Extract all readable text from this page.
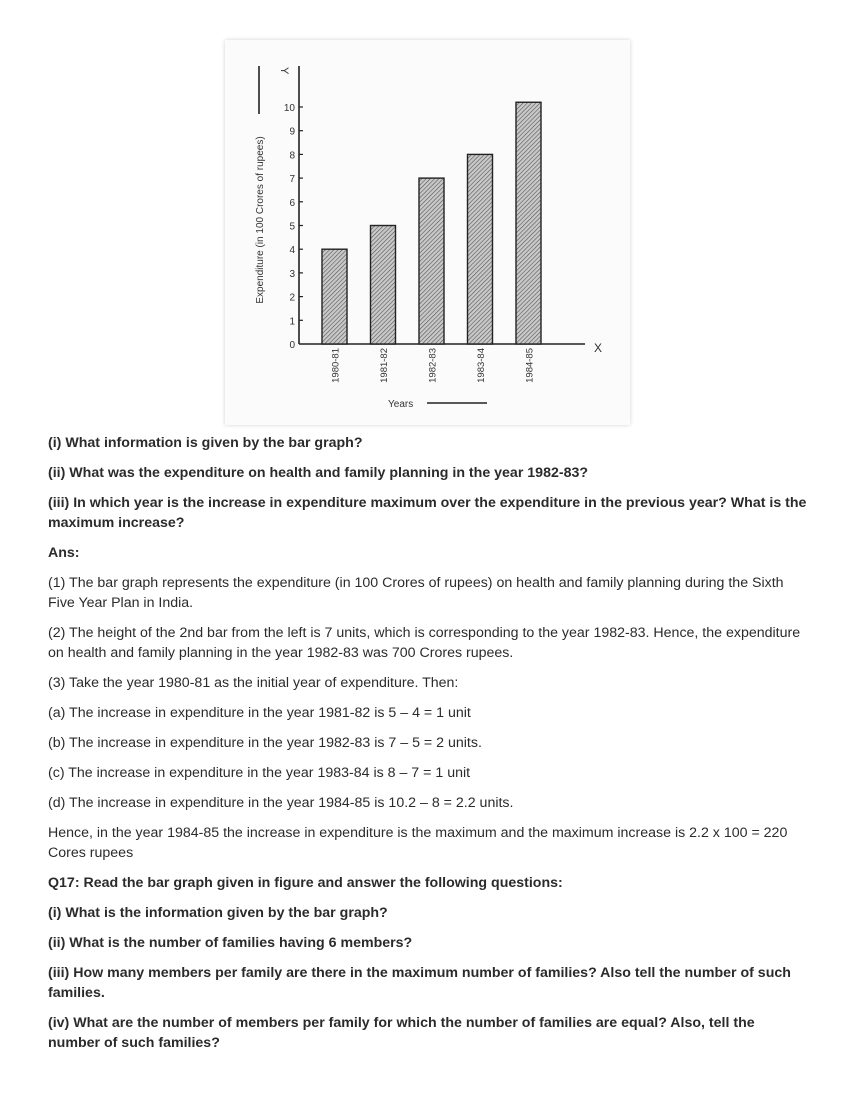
Y
X
Expenditure (in 100 Crores of rupees)
Years
0
1
2
3
4
5
6
7
8
9
10
1980-81	1981-82	1982-83	1983-84	1984-85

(i) What information is given by the bar graph?

(ii) What was the expenditure on health and family planning in the year 1982-83?

(iii) In which year is the increase in expenditure maximum over the expenditure in the previous year? What is the maximum increase?

Ans:

(1) The bar graph represents the expenditure (in 100 Crores of rupees) on health and family planning during the Sixth Five Year Plan in India.

(2) The height of the 2nd bar from the left is 7 units, which is corresponding to the year 1982-83. Hence, the expenditure on health and family planning in the year 1982-83 was 700 Crores rupees.

(3) Take the year 1980-81 as the initial year of expenditure. Then:

(a) The increase in expenditure in the year 1981-82 is 5 – 4 = 1 unit

(b) The increase in expenditure in the year 1982-83 is 7 – 5 = 2 units.

(c) The increase in expenditure in the year 1983-84 is 8 – 7 = 1 unit

(d) The increase in expenditure in the year 1984-85 is 10.2 – 8 = 2.2 units.

Hence, in the year 1984-85 the increase in expenditure is the maximum and the maximum increase is 2.2 x 100 = 220 Cores rupees

Q17: Read the bar graph given in figure and answer the following questions:

(i) What is the information given by the bar graph?

(ii) What is the number of families having 6 members?

(iii) How many members per family are there in the maximum number of families? Also tell the number of such families.

(iv) What are the number of members per family for which the number of families are equal? Also, tell the number of such families?
